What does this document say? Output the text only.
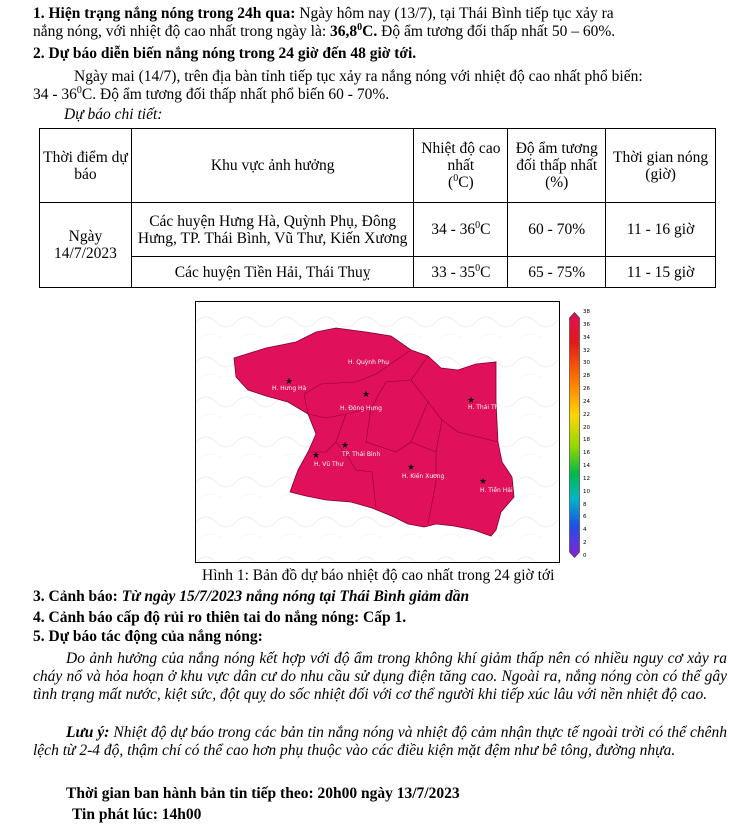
1. Hiện trạng nắng nóng trong 24h qua: Ngày hôm nay (13/7), tại Thái Bình tiếp tục xảy ra
nắng nóng, với nhiệt độ cao nhất trong ngày là: 36,8$^0$C. Độ ẩm tương đối thấp nhất 50 – 60%.
2. Dự báo diễn biến nắng nóng trong 24 giờ đến 48 giờ tới.
Ngày mai (14/7), trên địa bàn tỉnh tiếp tục xảy ra nắng nóng với nhiệt độ cao nhất phổ biến:
$34 - 36^0C$. Độ ẩm tương đối thấp nhất phổ biến 60 - 70%.
Dự báo chi tiết:
Thời điểm dự báo	Khu vực ảnh hưởng	Nhiệt độ cao nhất
($^0$C)	Độ ẩm tương đối thấp nhất (%)	Thời gian nóng (giờ)
Ngày
14/7/2023	Các huyện Hưng Hà, Quỳnh Phụ, Đông Hưng, TP. Thái Bình, Vũ Thư, Kiến Xương	$34 - 36^0C$	60 - 70%	11 - 16 giờ
	Các huyện Tiền Hải, Thái Thuỵ	$33 - 35^0C$	65 - 75%	11 - 15 giờ
H. Quỳnh Phụ
H. Hưng Hà
H. Đông Hưng	H. Thái Thụy
TP. Thái Bình
H. Vũ Thư
H. Kiến Xương
H. Tiền Hải
★
★
★
★
★
★
★
38
36
34
32
30
28
26
24
22
20
18
16
14
12
10
8
6
4
2
0
Hình 1: Bản đồ dự báo nhiệt độ cao nhất trong 24 giờ tới
3. Cảnh báo: Từ ngày 15/7/2023 nắng nóng tại Thái Bình giảm dần
4. Cảnh báo cấp độ rủi ro thiên tai do nắng nóng: Cấp 1.
5. Dự báo tác động của nắng nóng:
Do ảnh hưởng của nắng nóng kết hợp với độ ẩm trong không khí giảm thấp nên có nhiều nguy cơ xảy ra cháy nổ và hỏa hoạn ở khu vực dân cư do nhu cầu sử dụng điện tăng cao. Ngoài ra, nắng nóng còn có thể gây tình trạng mất nước, kiệt sức, đột quỵ do sốc nhiệt đối với cơ thể người khi tiếp xúc lâu với nền nhiệt độ cao.
Lưu ý: Nhiệt độ dự báo trong các bản tin nắng nóng và nhiệt độ cảm nhận thực tế ngoài trời có thể chênh lệch từ 2-4 độ, thậm chí có thể cao hơn phụ thuộc vào các điều kiện mặt đệm như bê tông, đường nhựa.
Thời gian ban hành bản tin tiếp theo: 20h00 ngày 13/7/2023
Tin phát lúc: 14h00
